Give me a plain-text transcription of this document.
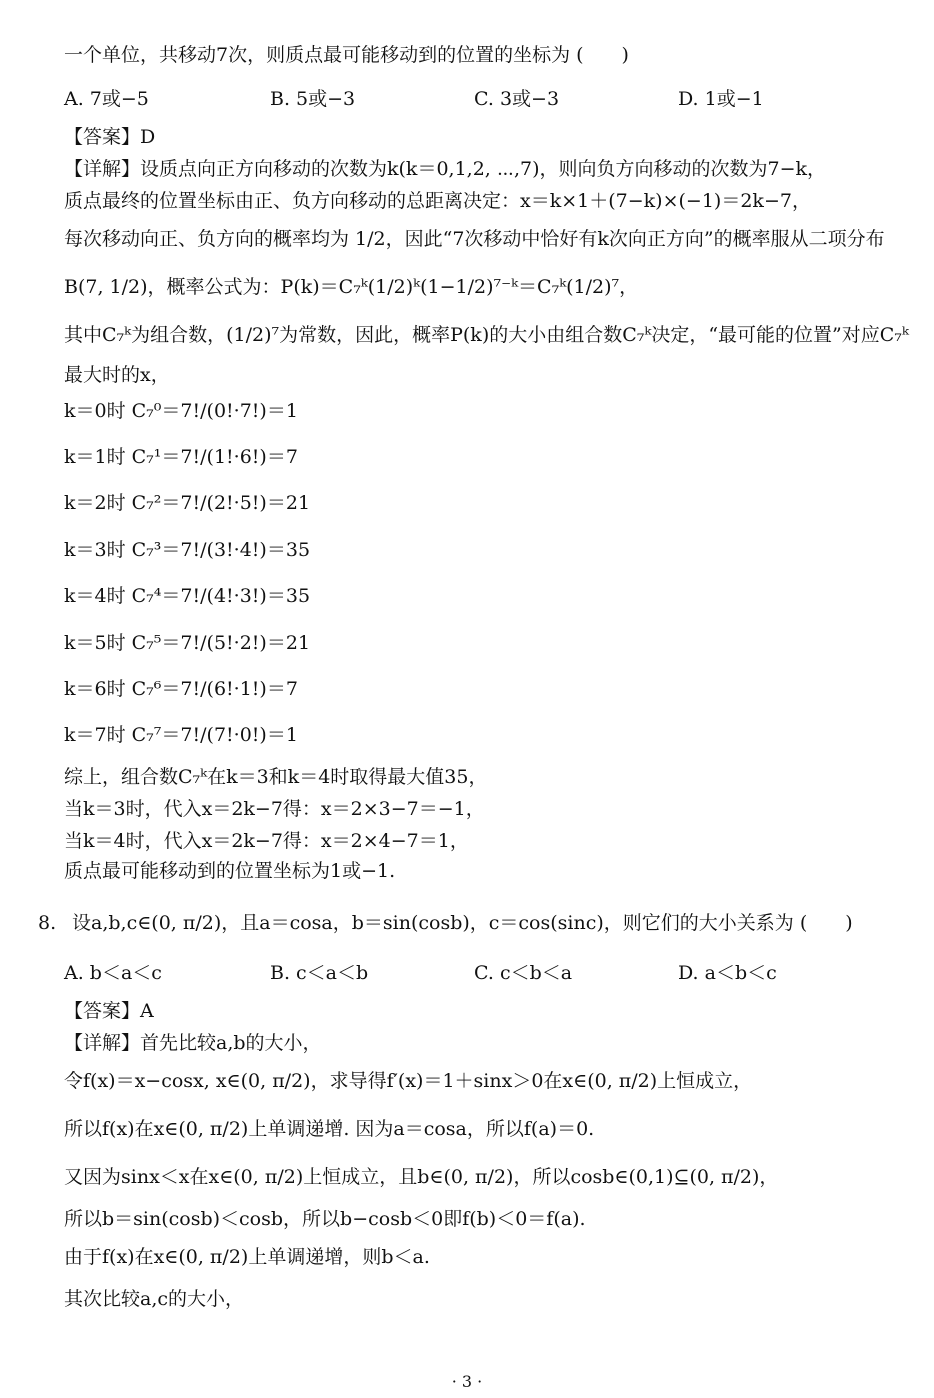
一个单位，共移动7次，则质点最可能移动到的位置的坐标为 (　　)
A. 7或−5	B. 5或−3	C. 3或−3	D. 1或−1
【答案】D
【详解】设质点向正方向移动的次数为k(k＝0,1,2, ⋯,7)，则向负方向移动的次数为7−k，
质点最终的位置坐标由正、负方向移动的总距离决定：x＝k×1＋(7−k)×(−1)＝2k−7，
每次移动向正、负方向的概率均为 1/2，因此“7次移动中恰好有k次向正方向”的概率服从二项分布
B(7, 1/2)，概率公式为：P(k)＝C₇ᵏ(1/2)ᵏ(1−1/2)⁷⁻ᵏ＝C₇ᵏ(1/2)⁷，
其中C₇ᵏ为组合数，(1/2)⁷为常数，因此，概率P(k)的大小由组合数C₇ᵏ决定，“最可能的位置”对应C₇ᵏ
最大时的x，
k＝0时 C₇⁰＝7!/(0!·7!)＝1
k＝1时 C₇¹＝7!/(1!·6!)＝7
k＝2时 C₇²＝7!/(2!·5!)＝21
k＝3时 C₇³＝7!/(3!·4!)＝35
k＝4时 C₇⁴＝7!/(4!·3!)＝35
k＝5时 C₇⁵＝7!/(5!·2!)＝21
k＝6时 C₇⁶＝7!/(6!·1!)＝7
k＝7时 C₇⁷＝7!/(7!·0!)＝1
综上，组合数C₇ᵏ在k＝3和k＝4时取得最大值35，
当k＝3时，代入x＝2k−7得：x＝2×3−7＝−1，
当k＝4时，代入x＝2k−7得：x＝2×4−7＝1，
质点最可能移动到的位置坐标为1或−1.
8. 设a,b,c∈(0, π/2)，且a＝cosa，b＝sin(cosb)，c＝cos(sinc)，则它们的大小关系为 (　　)
A. b＜a＜c	B. c＜a＜b	C. c＜b＜a	D. a＜b＜c
【答案】A
【详解】首先比较a,b的大小，
令f(x)＝x−cosx, x∈(0, π/2)，求导得f′(x)＝1＋sinx＞0在x∈(0, π/2)上恒成立，
所以f(x)在x∈(0, π/2)上单调递增. 因为a＝cosa，所以f(a)＝0.
又因为sinx＜x在x∈(0, π/2)上恒成立，且b∈(0, π/2)，所以cosb∈(0,1)⊆(0, π/2)，
所以b＝sin(cosb)＜cosb，所以b−cosb＜0即f(b)＜0＝f(a).
由于f(x)在x∈(0, π/2)上单调递增，则b＜a.
其次比较a,c的大小，
· 3 ·
